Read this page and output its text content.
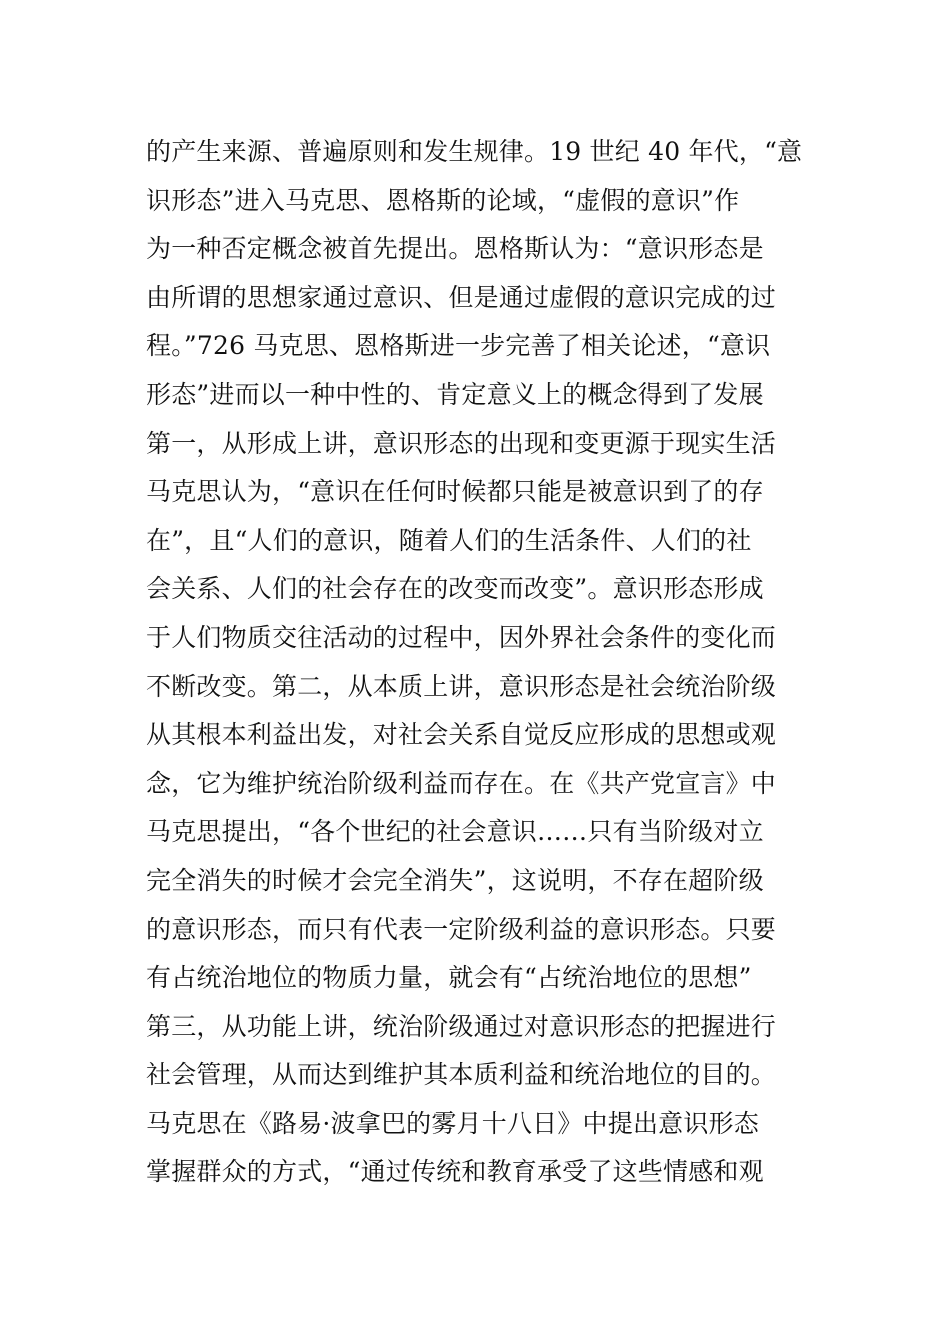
的产生来源、普遍原则和发生规律。19 世纪 40 年代，“意
识形态”进入马克思、恩格斯的论域，“虚假的意识”作
为一种否定概念被首先提出。恩格斯认为：“意识形态是
由所谓的思想家通过意识、但是通过虚假的意识完成的过
程。”726 马克思、恩格斯进一步完善了相关论述，“意识
形态”进而以一种中性的、肯定意义上的概念得到了发展
第一，从形成上讲，意识形态的出现和变更源于现实生活
马克思认为，“意识在任何时候都只能是被意识到了的存
在”，且“人们的意识，随着人们的生活条件、人们的社
会关系、人们的社会存在的改变而改变”。意识形态形成
于人们物质交往活动的过程中，因外界社会条件的变化而
不断改变。第二，从本质上讲，意识形态是社会统治阶级
从其根本利益出发，对社会关系自觉反应形成的思想或观
念，它为维护统治阶级利益而存在。在《共产党宣言》中
马克思提出，“各个世纪的社会意识……只有当阶级对立
完全消失的时候才会完全消失”，这说明，不存在超阶级
的意识形态，而只有代表一定阶级利益的意识形态。只要
有占统治地位的物质力量，就会有“占统治地位的思想”
第三，从功能上讲，统治阶级通过对意识形态的把握进行
社会管理，从而达到维护其本质利益和统治地位的目的。
马克思在《路易·波拿巴的雾月十八日》中提出意识形态
掌握群众的方式，“通过传统和教育承受了这些情感和观
